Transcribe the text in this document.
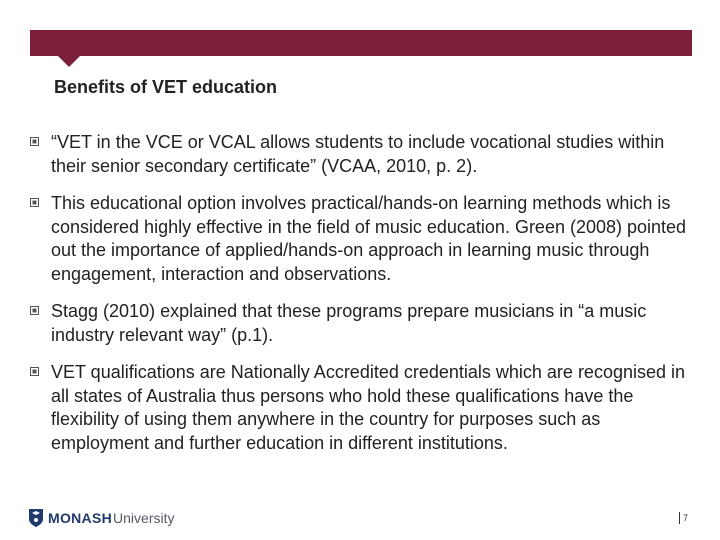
Benefits of VET education
“VET in the VCE or VCAL allows students to include vocational studies within their senior secondary certificate” (VCAA, 2010, p. 2).
This educational option involves practical/hands-on learning methods which is considered highly effective in the field of music education. Green (2008) pointed out the importance of applied/hands-on approach in learning music through engagement, interaction and observations.
Stagg (2010) explained that these programs prepare musicians in “a music industry relevant way” (p.1).
VET qualifications are Nationally Accredited credentials which are recognised in all states of Australia thus persons who hold these qualifications have the flexibility of using them anywhere in the country for purposes such as employment and further education in different institutions.
MONASH University	7
